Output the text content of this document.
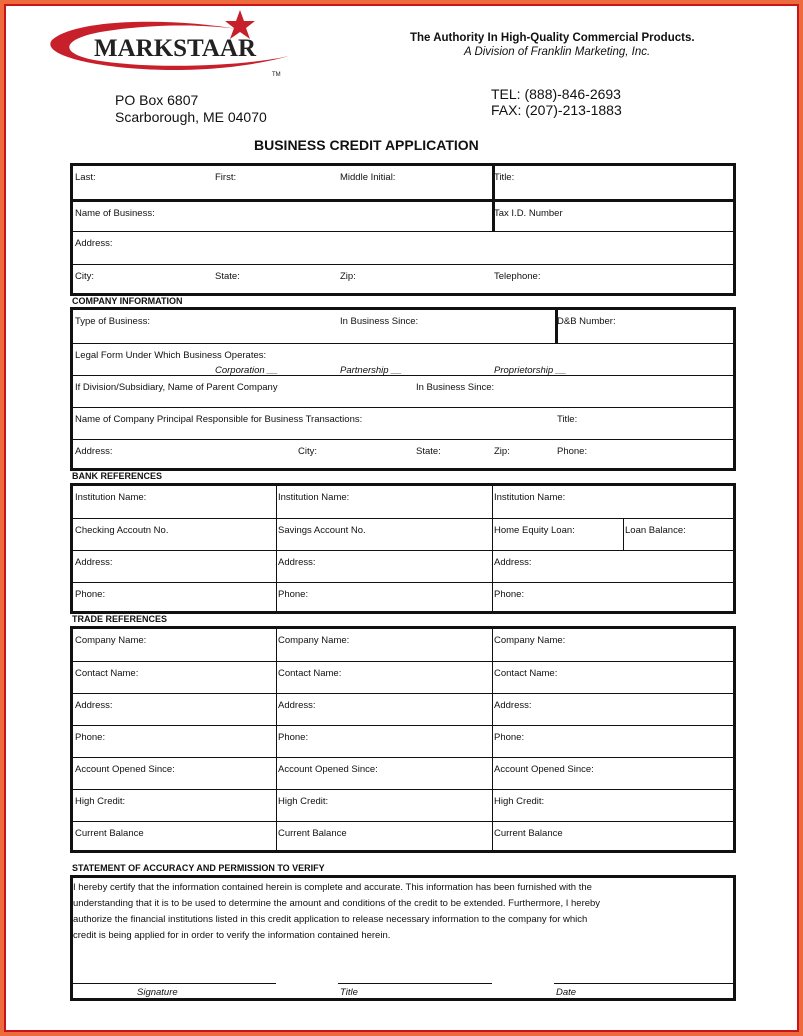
MARKSTAAR
TM
The Authority In High-Quality Commercial Products.
A Division of Franklin Marketing, Inc.
PO Box 6807
Scarborough, ME 04070
TEL: (888)-846-2693
FAX: (207)-213-1883
BUSINESS CREDIT APPLICATION
COMPANY INFORMATION
BANK REFERENCES
TRADE REFERENCES
STATEMENT OF ACCURACY AND PERMISSION TO VERIFY
Last:	First:	Middle Initial:	Title:
Name of Business:	Tax I.D. Number
Address:
City:	State:	Zip:	Telephone:
Type of Business:	In Business Since:	D&B Number:
Legal Form Under Which Business Operates:
Corporation __	Partnership __	Proprietorship __
If Division/Subsidiary, Name of Parent Company	In Business Since:
Name of Company Principal Responsible for Business Transactions:	Title:
Address:	City:	State:	Zip:	Phone:
Institution Name:	Institution Name:	Institution Name:
Checking Accoutn No.	Savings Account No.	Home Equity Loan:	Loan Balance:
Address:	Address:	Address:
Phone:	Phone:	Phone:
Company Name:	Company Name:	Company Name:
Contact Name:	Contact Name:	Contact Name:
Address:	Address:	Address:
Phone:	Phone:	Phone:
Account Opened Since:	Account Opened Since:	Account Opened Since:
High Credit:	High Credit:	High Credit:
Current Balance	Current Balance	Current Balance
I hereby certify that the information contained herein is complete and accurate. This information has been furnished with the
understanding that it is to be used to determine the amount and conditions of the credit to be extended. Furthermore, I hereby
authorize the financial institutions listed in this credit application to release necessary information to the company for which
credit is being applied for in order to verify the information contained herein.
Signature	Title	Date
